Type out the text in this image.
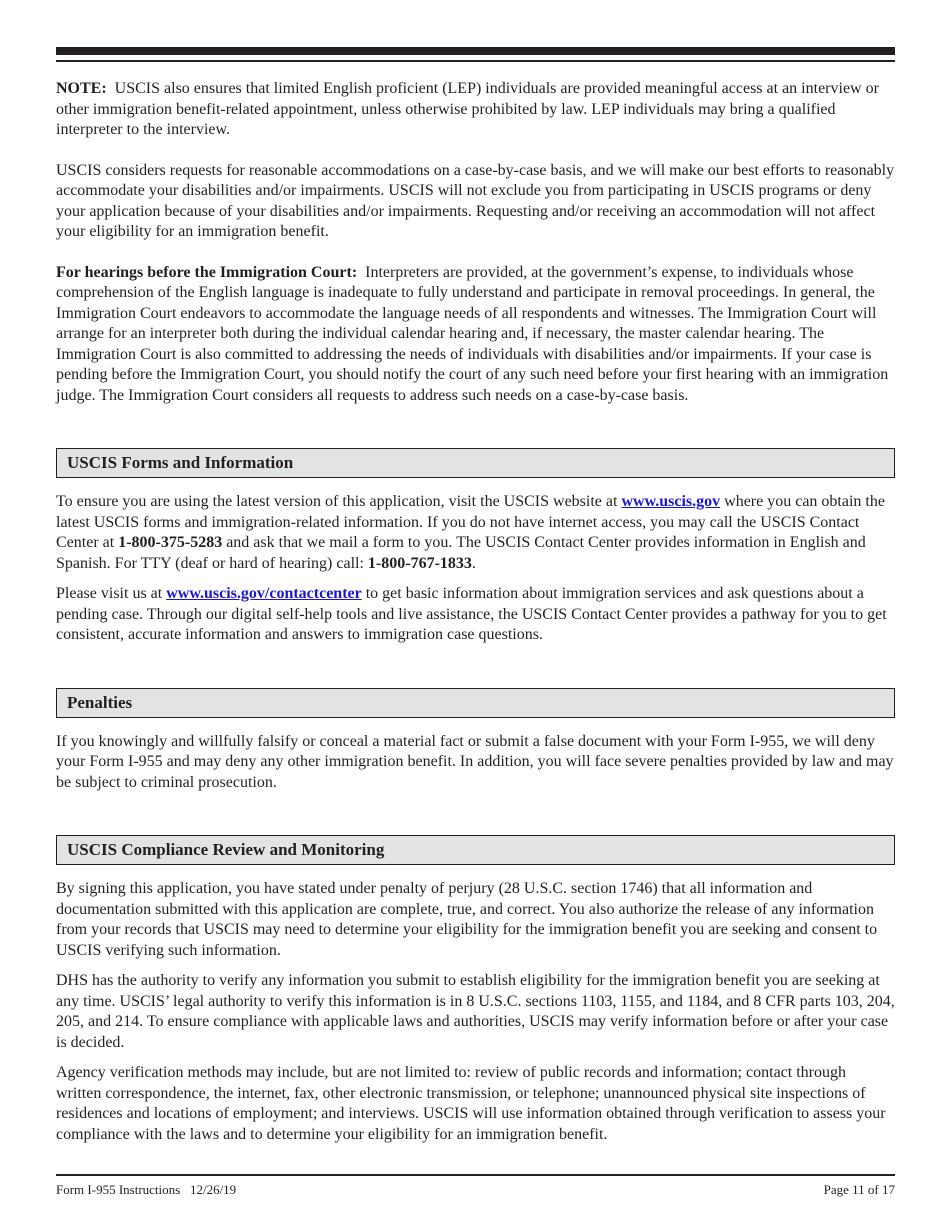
NOTE: USCIS also ensures that limited English proficient (LEP) individuals are provided meaningful access at an interview or other immigration benefit-related appointment, unless otherwise prohibited by law. LEP individuals may bring a qualified interpreter to the interview.

USCIS considers requests for reasonable accommodations on a case-by-case basis, and we will make our best efforts to reasonably accommodate your disabilities and/or impairments. USCIS will not exclude you from participating in USCIS programs or deny your application because of your disabilities and/or impairments. Requesting and/or receiving an accommodation will not affect your eligibility for an immigration benefit.

For hearings before the Immigration Court: Interpreters are provided, at the government’s expense, to individuals whose comprehension of the English language is inadequate to fully understand and participate in removal proceedings. In general, the Immigration Court endeavors to accommodate the language needs of all respondents and witnesses. The Immigration Court will arrange for an interpreter both during the individual calendar hearing and, if necessary, the master calendar hearing. The Immigration Court is also committed to addressing the needs of individuals with disabilities and/or impairments. If your case is pending before the Immigration Court, you should notify the court of any such need before your first hearing with an immigration judge. The Immigration Court considers all requests to address such needs on a case-by-case basis.

USCIS Forms and Information

To ensure you are using the latest version of this application, visit the USCIS website at www.uscis.gov where you can obtain the latest USCIS forms and immigration-related information. If you do not have internet access, you may call the USCIS Contact Center at 1-800-375-5283 and ask that we mail a form to you. The USCIS Contact Center provides information in English and Spanish. For TTY (deaf or hard of hearing) call: 1-800-767-1833.

Please visit us at www.uscis.gov/contactcenter to get basic information about immigration services and ask questions about a pending case. Through our digital self-help tools and live assistance, the USCIS Contact Center provides a pathway for you to get consistent, accurate information and answers to immigration case questions.

Penalties

If you knowingly and willfully falsify or conceal a material fact or submit a false document with your Form I-955, we will deny your Form I-955 and may deny any other immigration benefit. In addition, you will face severe penalties provided by law and may be subject to criminal prosecution.

USCIS Compliance Review and Monitoring

By signing this application, you have stated under penalty of perjury (28 U.S.C. section 1746) that all information and documentation submitted with this application are complete, true, and correct. You also authorize the release of any information from your records that USCIS may need to determine your eligibility for the immigration benefit you are seeking and consent to USCIS verifying such information.

DHS has the authority to verify any information you submit to establish eligibility for the immigration benefit you are seeking at any time. USCIS’ legal authority to verify this information is in 8 U.S.C. sections 1103, 1155, and 1184, and 8 CFR parts 103, 204, 205, and 214. To ensure compliance with applicable laws and authorities, USCIS may verify information before or after your case is decided.

Agency verification methods may include, but are not limited to: review of public records and information; contact through written correspondence, the internet, fax, other electronic transmission, or telephone; unannounced physical site inspections of residences and locations of employment; and interviews. USCIS will use information obtained through verification to assess your compliance with the laws and to determine your eligibility for an immigration benefit.

Form I-955 Instructions   12/26/19	Page 11 of 17
